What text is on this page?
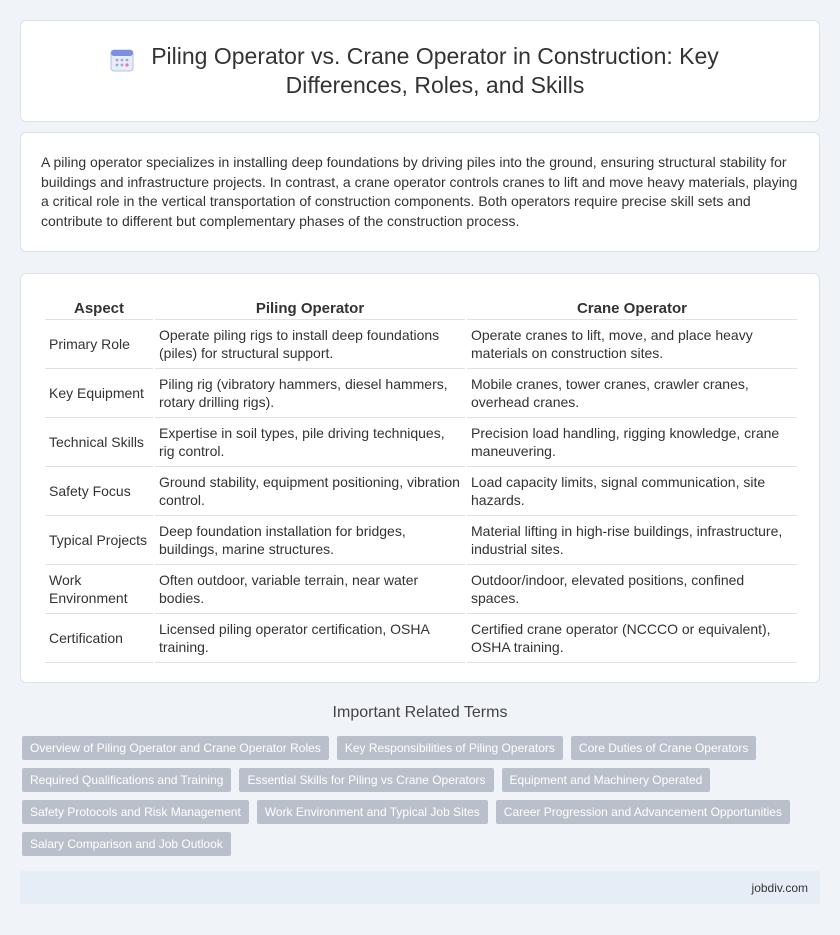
Piling Operator vs. Crane Operator in Construction: Key Differences, Roles, and Skills

A piling operator specializes in installing deep foundations by driving piles into the ground, ensuring structural stability for buildings and infrastructure projects. In contrast, a crane operator controls cranes to lift and move heavy materials, playing a critical role in the vertical transportation of construction components. Both operators require precise skill sets and contribute to different but complementary phases of the construction process.

Aspect	Piling Operator	Crane Operator
Primary Role	Operate piling rigs to install deep foundations (piles) for structural support.	Operate cranes to lift, move, and place heavy materials on construction sites.
Key Equipment	Piling rig (vibratory hammers, diesel hammers, rotary drilling rigs).	Mobile cranes, tower cranes, crawler cranes, overhead cranes.
Technical Skills	Expertise in soil types, pile driving techniques, rig control.	Precision load handling, rigging knowledge, crane maneuvering.
Safety Focus	Ground stability, equipment positioning, vibration control.	Load capacity limits, signal communication, site hazards.
Typical Projects	Deep foundation installation for bridges, buildings, marine structures.	Material lifting in high-rise buildings, infrastructure, industrial sites.
Work Environment	Often outdoor, variable terrain, near water bodies.	Outdoor/indoor, elevated positions, confined spaces.
Certification	Licensed piling operator certification, OSHA training.	Certified crane operator (NCCCO or equivalent), OSHA training.
Important Related Terms
Overview of Piling Operator and Crane Operator Roles	Key Responsibilities of Piling Operators	Core Duties of Crane Operators
Required Qualifications and Training	Essential Skills for Piling vs Crane Operators	Equipment and Machinery Operated
Safety Protocols and Risk Management	Work Environment and Typical Job Sites	Career Progression and Advancement Opportunities
Salary Comparison and Job Outlook
jobdiv.com
